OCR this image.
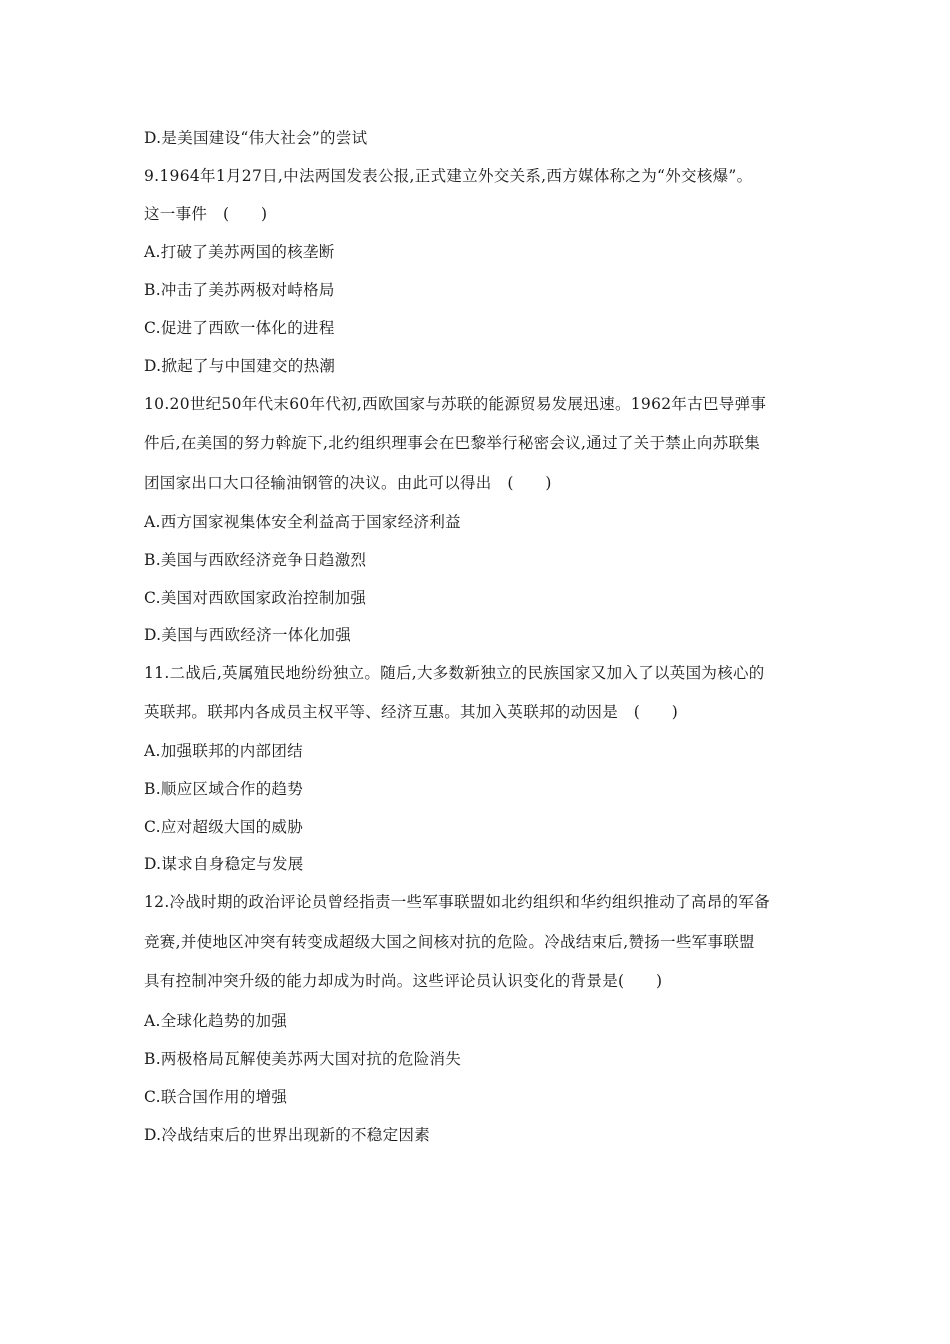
D.是美国建设“伟大社会”的尝试
9.1964年1月27日,中法两国发表公报,正式建立外交关系,西方媒体称之为“外交核爆”。
这一事件　(　　)
A.打破了美苏两国的核垄断
B.冲击了美苏两极对峙格局
C.促进了西欧一体化的进程
D.掀起了与中国建交的热潮
10.20世纪50年代末60年代初,西欧国家与苏联的能源贸易发展迅速。1962年古巴导弹事
件后,在美国的努力斡旋下,北约组织理事会在巴黎举行秘密会议,通过了关于禁止向苏联集
团国家出口大口径输油钢管的决议。由此可以得出　(　　)
A.西方国家视集体安全利益高于国家经济利益
B.美国与西欧经济竞争日趋激烈
C.美国对西欧国家政治控制加强
D.美国与西欧经济一体化加强
11.二战后,英属殖民地纷纷独立。随后,大多数新独立的民族国家又加入了以英国为核心的
英联邦。联邦内各成员主权平等、经济互惠。其加入英联邦的动因是　(　　)
A.加强联邦的内部团结
B.顺应区域合作的趋势
C.应对超级大国的威胁
D.谋求自身稳定与发展
12.冷战时期的政治评论员曾经指责一些军事联盟如北约组织和华约组织推动了高昂的军备
竞赛,并使地区冲突有转变成超级大国之间核对抗的危险。冷战结束后,赞扬一些军事联盟
具有控制冲突升级的能力却成为时尚。这些评论员认识变化的背景是(　　)
A.全球化趋势的加强
B.两极格局瓦解使美苏两大国对抗的危险消失
C.联合国作用的增强
D.冷战结束后的世界出现新的不稳定因素
